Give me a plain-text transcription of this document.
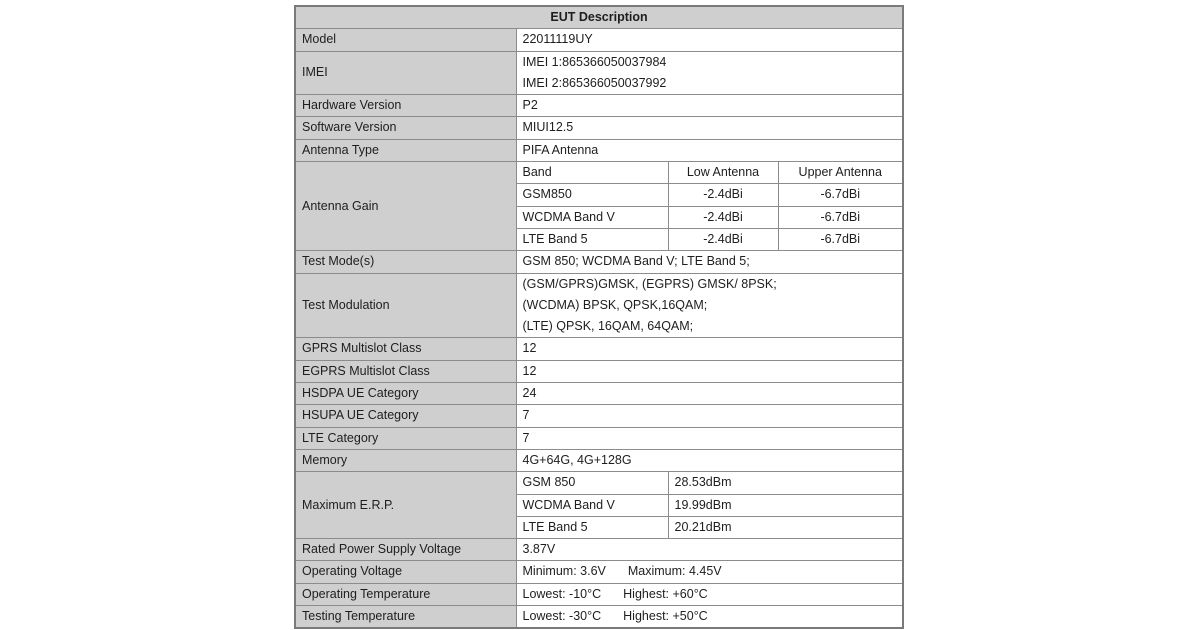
EUT Description			
Model	22011119UY		
IMEI	IMEI 1:865366050037984
IMEI 2:865366050037992		

Hardware Version	P2		
Software Version	MIUI12.5		
Antenna Type	PIFA Antenna		
Antenna Gain	Band	Low Antenna	Upper Antenna
	GSM850	-2.4dBi	-6.7dBi
	WCDMA Band V	-2.4dBi	-6.7dBi
	LTE Band 5	-2.4dBi	-6.7dBi
Test Mode(s)	GSM 850; WCDMA Band V; LTE Band 5;		
Test Modulation	(GSM/GPRS)GMSK, (EGPRS) GMSK/ 8PSK;
(WCDMA) BPSK, QPSK,16QAM;
(LTE) QPSK, 16QAM, 64QAM;		

GPRS Multislot Class	12		
EGPRS Multislot Class	12		
HSDPA UE Category	24		
HSUPA UE Category	7		
LTE Category	7		
Memory	4G+64G, 4G+128G		
Maximum E.R.P.	GSM 850	28.53dBm	
	WCDMA Band V	19.99dBm	
	LTE Band 5	20.21dBm	
Rated Power Supply Voltage	3.87V		
Operating Voltage	Minimum: 3.6V Maximum: 4.45V		
Operating Temperature	Lowest: -10°C Highest: +60°C		
Testing Temperature	Lowest: -30°C Highest: +50°C		
